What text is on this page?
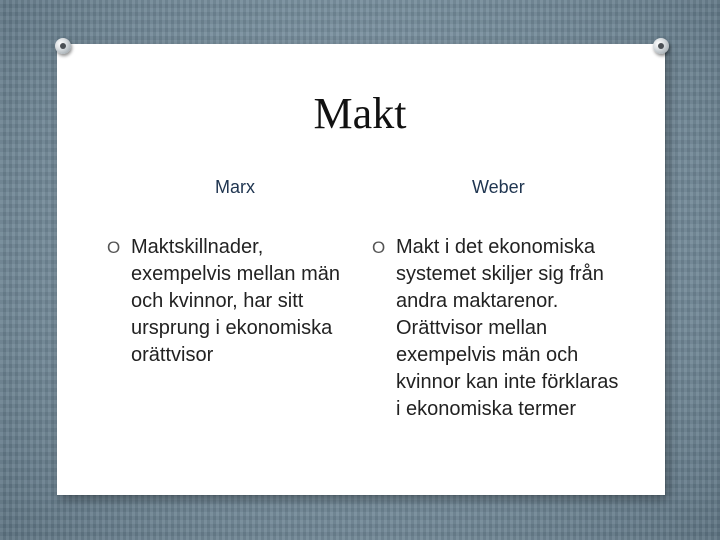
Makt
Marx	Weber
O Maktskillnader, exempelvis mellan män och kvinnor, har sitt ursprung i ekonomiska orättvisor
O Makt i det ekonomiska systemet skiljer sig från andra maktarenor. Orättvisor mellan exempelvis män och kvinnor kan inte förklaras i ekonomiska termer
